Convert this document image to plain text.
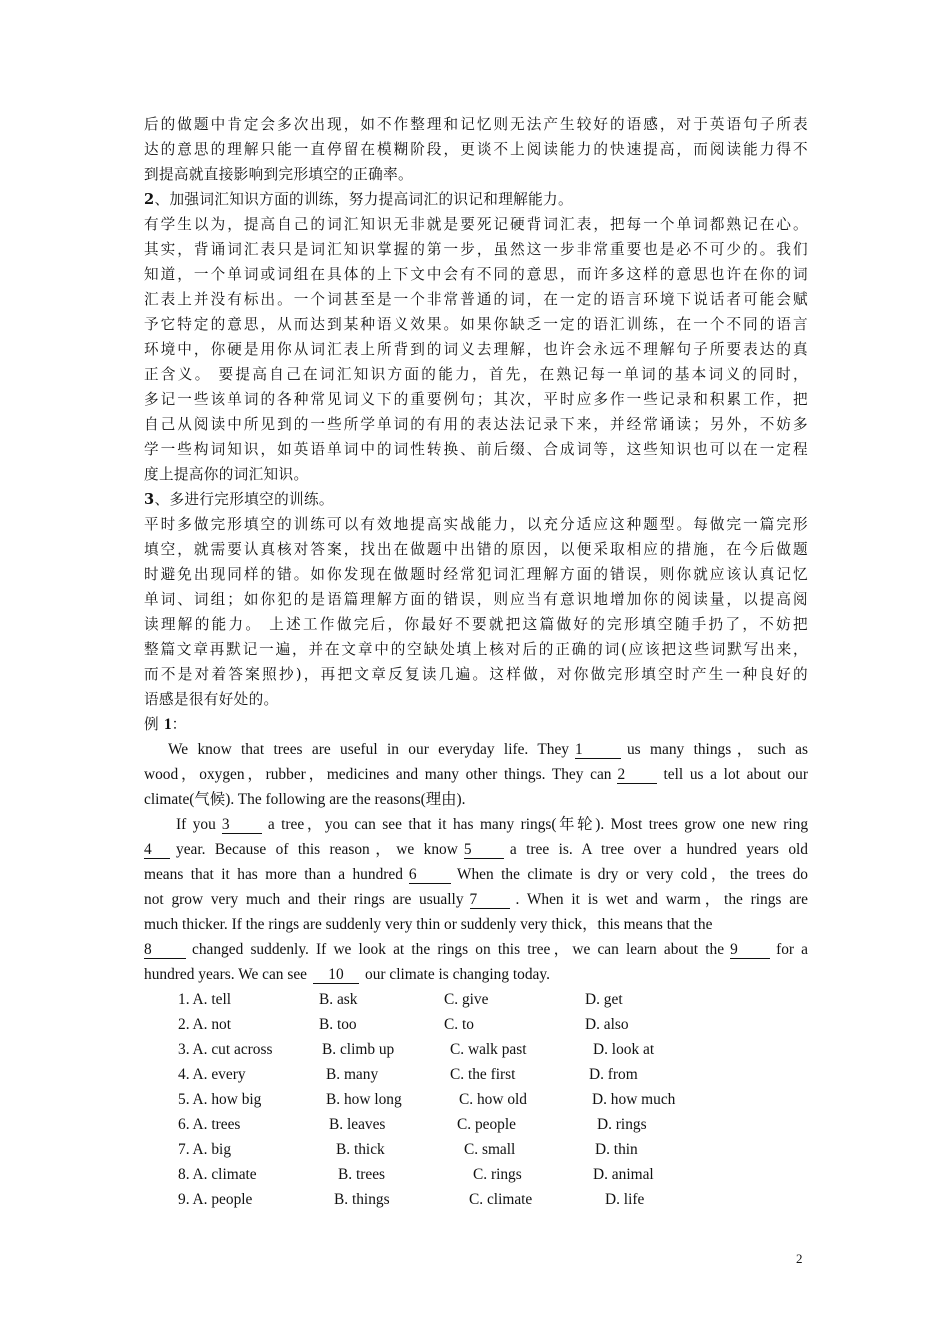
后的做题中肯定会多次出现，如不作整理和记忆则无法产生较好的语感，对于英语句子所表
达的意思的理解只能一直停留在模糊阶段，更谈不上阅读能力的快速提高，而阅读能力得不
到提高就直接影响到完形填空的正确率。
2、加强词汇知识方面的训练，努力提高词汇的识记和理解能力。
有学生以为，提高自己的词汇知识无非就是要死记硬背词汇表，把每一个单词都熟记在心。
其实，背诵词汇表只是词汇知识掌握的第一步，虽然这一步非常重要也是必不可少的。我们
知道，一个单词或词组在具体的上下文中会有不同的意思，而许多这样的意思也许在你的词
汇表上并没有标出。一个词甚至是一个非常普通的词，在一定的语言环境下说话者可能会赋
予它特定的意思，从而达到某种语义效果。如果你缺乏一定的语汇训练，在一个不同的语言
环境中，你硬是用你从词汇表上所背到的词义去理解，也许会永远不理解句子所要表达的真
正含义。 要提高自己在词汇知识方面的能力，首先，在熟记每一单词的基本词义的同时，
多记一些该单词的各种常见词义下的重要例句；其次，平时应多作一些记录和积累工作，把
自己从阅读中所见到的一些所学单词的有用的表达法记录下来，并经常诵读；另外，不妨多
学一些构词知识，如英语单词中的词性转换、前后缀、合成词等，这些知识也可以在一定程
度上提高你的词汇知识。
3、多进行完形填空的训练。
平时多做完形填空的训练可以有效地提高实战能力，以充分适应这种题型。每做完一篇完形
填空，就需要认真核对答案，找出在做题中出错的原因，以便采取相应的措施，在今后做题
时避免出现同样的错。如你发现在做题时经常犯词汇理解方面的错误，则你就应该认真记忆
单词、词组；如你犯的是语篇理解方面的错误，则应当有意识地增加你的阅读量，以提高阅
读理解的能力。 上述工作做完后，你最好不要就把这篇做好的完形填空随手扔了，不妨把
整篇文章再默记一遍，并在文章中的空缺处填上核对后的正确的词(应该把这些词默写出来，
而不是对着答案照抄)，再把文章反复读几遍。这样做，对你做完形填空时产生一种良好的
语感是很有好处的。
例 1：
We know that trees are useful in our everyday life. They 1	us many things，such as
wood，oxygen，rubber，medicines and many other things. They can 2 tell us a lot about our
climate(气候). The following are the reasons(理由).
If you 3 a tree，you can see that it has many rings(年轮). Most trees grow one new ring
4 year. Because of this reason，we know 5 a tree is. A tree over a hundred years old
means that it has more than a hundred 6	When the climate is dry or very cold，the trees do
not grow very much and their rings are usually 7 . When it is wet and warm，the rings are
much thicker. If the rings are suddenly very thin or suddenly very thick，this means that the
8	changed suddenly. If we look at the rings on this tree，we can learn about the 9 for a
hundred years. We can see 10 our climate is changing today.
1. A. tell	B. ask	C. give	D. get
2. A. not	B. too	C. to	D. also
3. A. cut across	B. climb up	C. walk past	D. look at
4. A. every	B. many	C. the first	D. from
5. A. how big	B. how long	C. how old	D. how much
6. A. trees	B. leaves	C. people	D. rings
7. A. big	B. thick	C. small	D. thin
8. A. climate	B. trees	C. rings	D. animal
9. A. people	B. things	C. climate	D. life
2
